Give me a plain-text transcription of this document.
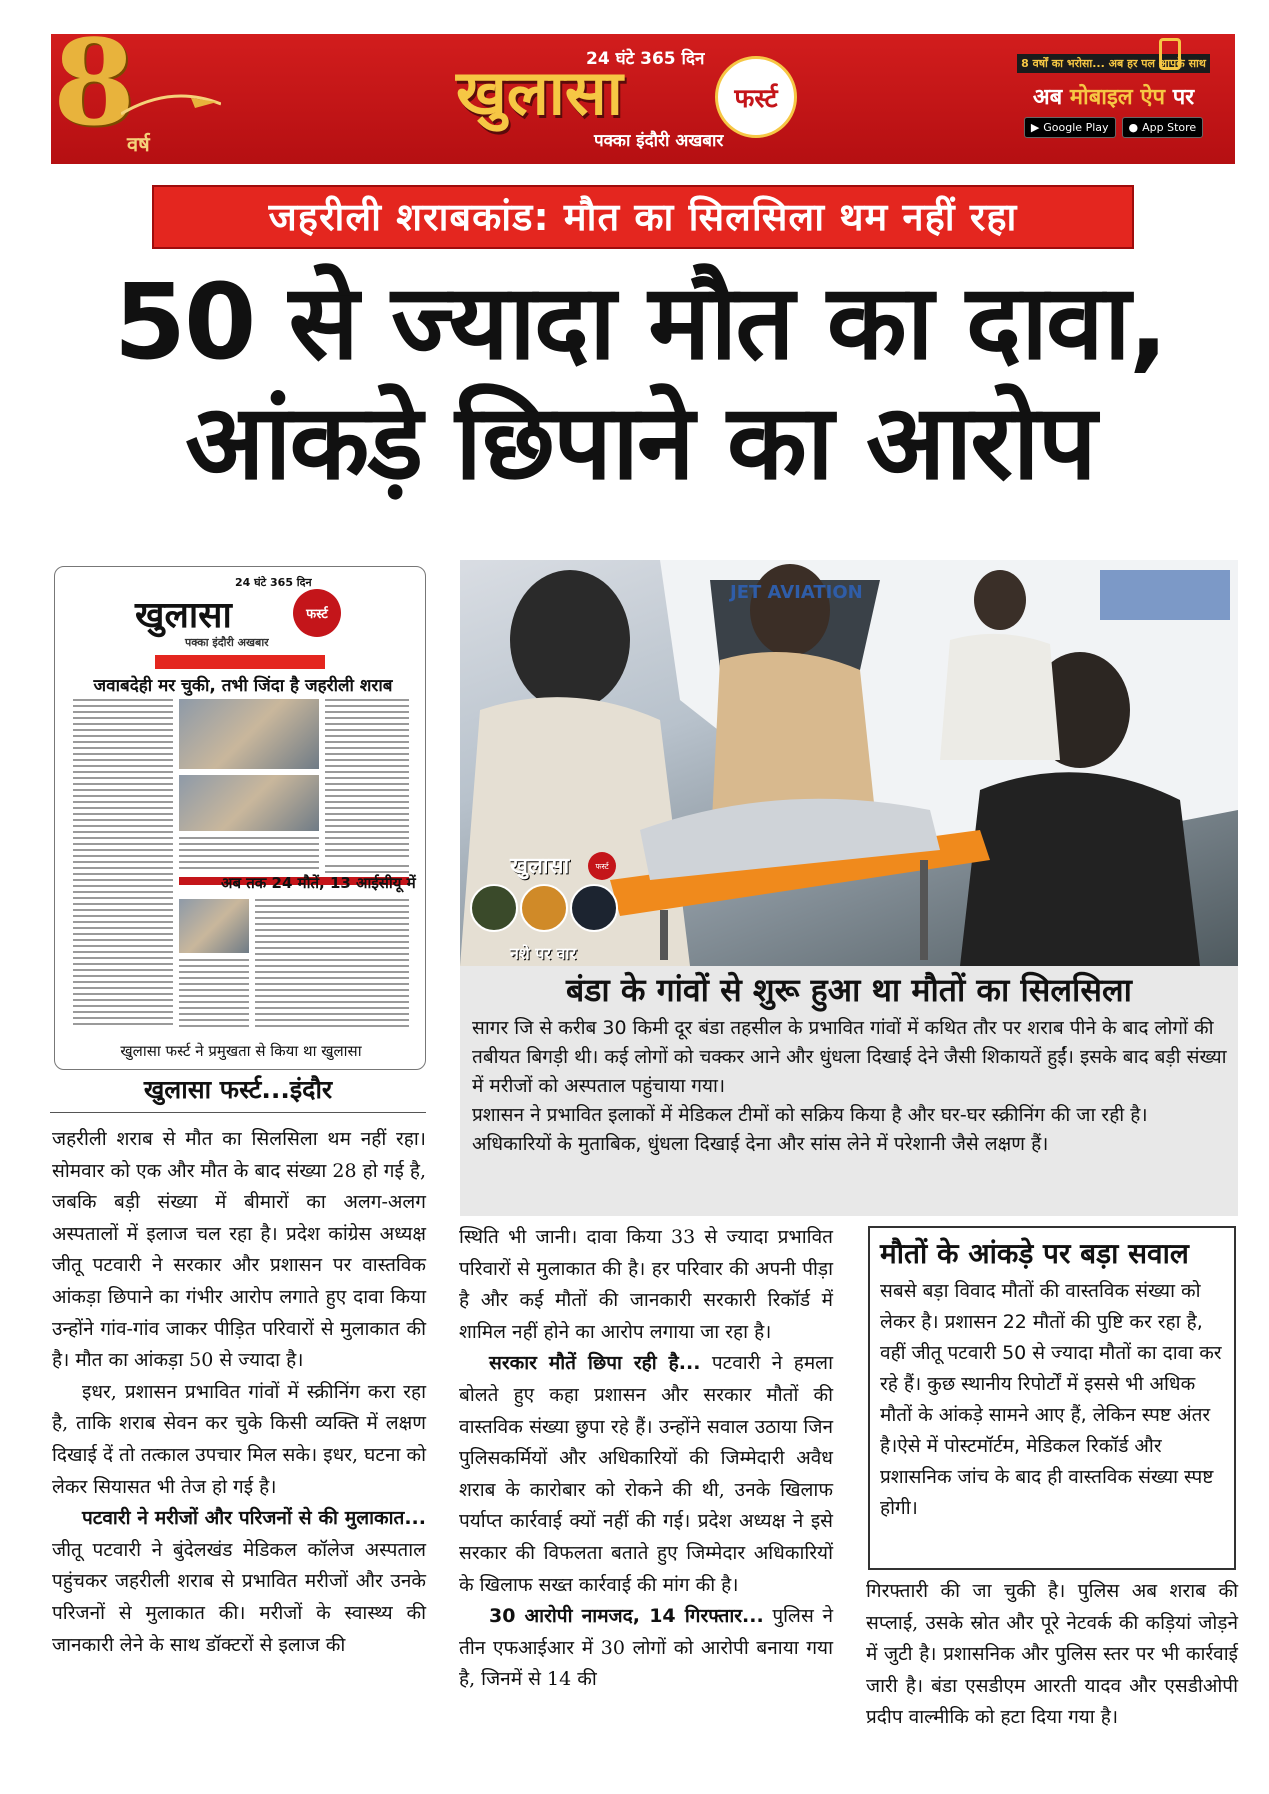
8
वर्ष
24 घंटे 365 दिन
खुलासा	फर्स्ट
पक्का इंदौरी अखबार
8 वर्षों का भरोसा... अब हर पल आपके साथ
अब मोबाइल ऐप पर
▶ Google Play ● App Store
जहरीली शराबकांड: मौत का सिलसिला थम नहीं रहा
50 से ज्यादा मौत का दावा,
आंकड़े छिपाने का आरोप
24 घंटे 365 दिन
खुलासा	फर्स्ट
पक्का इंदौरी अखबार
जवाबदेही मर चुकी, तभी जिंदा है जहरीली शराब
अब तक 24 मौतें, 13 आईसीयू में
खुलासा फर्स्ट ने प्रमुखता से किया था खुलासा
JET AVIATION
खुलासा	फर्स्ट
नशे पर वार
बंडा के गांवों से शुरू हुआ था मौतों का सिलसिला

सागर जि से करीब 30 किमी दूर बंडा तहसील के प्रभावित गांवों में कथित तौर पर शराब पीने के बाद लोगों की तबीयत बिगड़ी थी। कई लोगों को चक्कर आने और धुंधला दिखाई देने जैसी शिकायतें हुईं। इसके बाद बड़ी संख्या में मरीजों को अस्पताल पहुंचाया गया।

प्रशासन ने प्रभावित इलाकों में मेडिकल टीमों को सक्रिय किया है और घर-घर स्क्रीनिंग की जा रही है। अधिकारियों के मुताबिक, धुंधला दिखाई देना और सांस लेने में परेशानी जैसे लक्षण हैं।

खुलासा फर्स्ट...इंदौर

जहरीली शराब से मौत का सिलसिला थम नहीं रहा। सोमवार को एक और मौत के बाद संख्या 28 हो गई है, जबकि बड़ी संख्या में बीमारों का अलग-अलग अस्पतालों में इलाज चल रहा है। प्रदेश कांग्रेस अध्यक्ष जीतू पटवारी ने सरकार और प्रशासन पर वास्तविक आंकड़ा छिपाने का गंभीर आरोप लगाते हुए दावा किया उन्होंने गांव-गांव जाकर पीड़ित परिवारों से मुलाकात की है। मौत का आंकड़ा 50 से ज्यादा है।

इधर, प्रशासन प्रभावित गांवों में स्क्रीनिंग करा रहा है, ताकि शराब सेवन कर चुके किसी व्यक्ति में लक्षण दिखाई दें तो तत्काल उपचार मिल सके। इधर, घटना को लेकर सियासत भी तेज हो गई है।

पटवारी ने मरीजों और परिजनों से की मुलाकात... जीतू पटवारी ने बुंदेलखंड मेडिकल कॉलेज अस्पताल पहुंचकर जहरीली शराब से प्रभावित मरीजों और उनके परिजनों से मुलाकात की। मरीजों के स्वास्थ्य की जानकारी लेने के साथ डॉक्टरों से इलाज की

स्थिति भी जानी। दावा किया 33 से ज्यादा प्रभावित परिवारों से मुलाकात की है। हर परिवार की अपनी पीड़ा है और कई मौतों की जानकारी सरकारी रिकॉर्ड में शामिल नहीं होने का आरोप लगाया जा रहा है।

सरकार मौतें छिपा रही है... पटवारी ने हमला बोलते हुए कहा प्रशासन और सरकार मौतों की वास्तविक संख्या छुपा रहे हैं। उन्होंने सवाल उठाया जिन पुलिसकर्मियों और अधिकारियों की जिम्मेदारी अवैध शराब के कारोबार को रोकने की थी, उनके खिलाफ पर्याप्त कार्रवाई क्यों नहीं की गई। प्रदेश अध्यक्ष ने इसे सरकार की विफलता बताते हुए जिम्मेदार अधिकारियों के खिलाफ सख्त कार्रवाई की मांग की है।

30 आरोपी नामजद, 14 गिरफ्तार... पुलिस ने तीन एफआईआर में 30 लोगों को आरोपी बनाया गया है, जिनमें से 14 की

मौतों के आंकड़े पर बड़ा सवाल
सबसे बड़ा विवाद मौतों की वास्तविक संख्या को लेकर है। प्रशासन 22 मौतों की पुष्टि कर रहा है, वहीं जीतू पटवारी 50 से ज्यादा मौतों का दावा कर रहे हैं। कुछ स्थानीय रिपोर्टों में इससे भी अधिक मौतों के आंकड़े सामने आए हैं, लेकिन स्पष्ट अंतर है।ऐसे में पोस्टमॉर्टम, मेडिकल रिकॉर्ड और प्रशासनिक जांच के बाद ही वास्तविक संख्या स्पष्ट होगी।

गिरफ्तारी की जा चुकी है। पुलिस अब शराब की सप्लाई, उसके स्रोत और पूरे नेटवर्क की कड़ियां जोड़ने में जुटी है। प्रशासनिक और पुलिस स्तर पर भी कार्रवाई जारी है। बंडा एसडीएम आरती यादव और एसडीओपी प्रदीप वाल्मीकि को हटा दिया गया है।
